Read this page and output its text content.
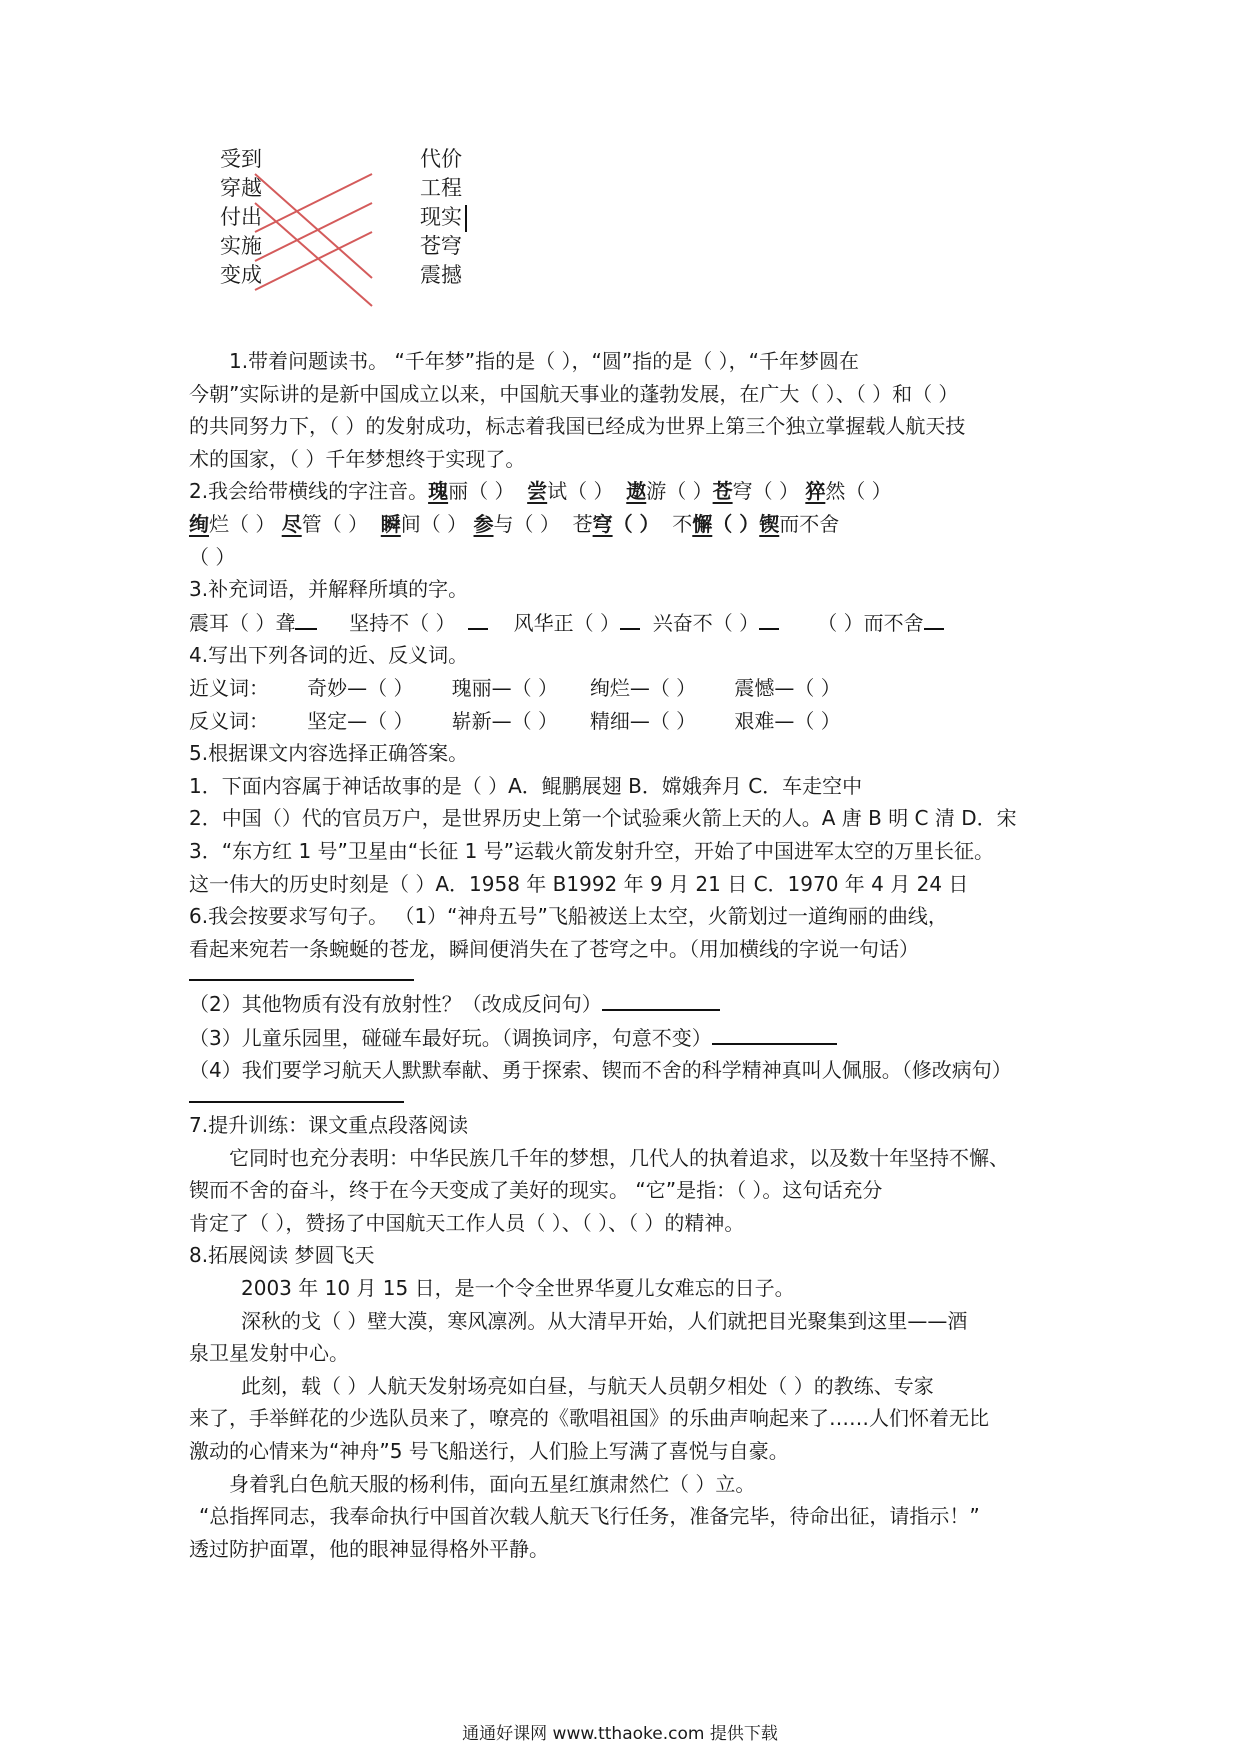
受到
穿越
付出
实施
变成
代价
工程
现实
苍穹
震撼

1.带着问题读书。 “千年梦”指的是（ ），“圆”指的是（ ），“千年梦圆在

今朝”实际讲的是新中国成立以来，中国航天事业的蓬勃发展，在广大（ ）、（ ）和（ ）

的共同努力下，（ ）的发射成功，标志着我国已经成为世界上第三个独立掌握载人航天技

术的国家，（ ）千年梦想终于实现了。

2.我会给带横线的字注音。瑰丽（ ） 尝试（ ） 遨游（ ）苍穹（ ） 猝然（ ）

绚烂（ ） 尽管（ ） 瞬间（ ） 参与（ ） 苍穹（ ） 不懈（ ）锲而不舍

（ ）

3.补充词语，并解释所填的字。

震耳（ ）聋	坚持不（ ）	风华正（ ） 兴奋不（ ）	（ ）而不舍

4.写出下列各词的近、反义词。

近义词： 奇妙—（ ） 瑰丽—（ ） 绚烂—（ ） 震憾—（ ）

反义词： 坚定—（ ） 崭新—（ ） 精细—（ ） 艰难—（ ）

5.根据课文内容选择正确答案。

1．下面内容属于神话故事的是（ ）A．鲲鹏展翅 B．嫦娥奔月 C．车走空中

2．中国（）代的官员万户，是世界历史上第一个试验乘火箭上天的人。A 唐 B 明 C 清 D．宋

3．“东方红 1 号”卫星由“长征 1 号”运载火箭发射升空，开始了中国进军太空的万里长征。

这一伟大的历史时刻是（ ）A．1958 年 B1992 年 9 月 21 日 C．1970 年 4 月 24 日

6.我会按要求写句子。 （1）“神舟五号”飞船被送上太空，火箭划过一道绚丽的曲线，

看起来宛若一条蜿蜒的苍龙，瞬间便消失在了苍穹之中。（用加横线的字说一句话）

（2）其他物质有没有放射性？（改成反问句）

（3）儿童乐园里，碰碰车最好玩。（调换词序，句意不变）

（4）我们要学习航天人默默奉献、勇于探索、锲而不舍的科学精神真叫人佩服。（修改病句）

7.提升训练：课文重点段落阅读

它同时也充分表明：中华民族几千年的梦想，几代人的执着追求，以及数十年坚持不懈、

锲而不舍的奋斗，终于在今天变成了美好的现实。 “它”是指：（ ）。这句话充分

肯定了（ ），赞扬了中国航天工作人员（ ）、（ ）、（ ）的精神。

8.拓展阅读 梦圆飞天

2003 年 10 月 15 日，是一个令全世界华夏儿女难忘的日子。

深秋的戈（ ）壁大漠，寒风凛冽。从大清早开始，人们就把目光聚集到这里——酒

泉卫星发射中心。

此刻，载（ ）人航天发射场亮如白昼，与航天人员朝夕相处（ ）的教练、专家

来了，手举鲜花的少选队员来了，嘹亮的《歌唱祖国》的乐曲声响起来了……人们怀着无比

激动的心情来为“神舟”5 号飞船送行，人们脸上写满了喜悦与自豪。

身着乳白色航天服的杨利伟，面向五星红旗肃然伫（ ）立。

“总指挥同志，我奉命执行中国首次载人航天飞行任务，准备完毕，待命出征，请指示！”

透过防护面罩，他的眼神显得格外平静。

通通好课网 www.tthaoke.com 提供下载
